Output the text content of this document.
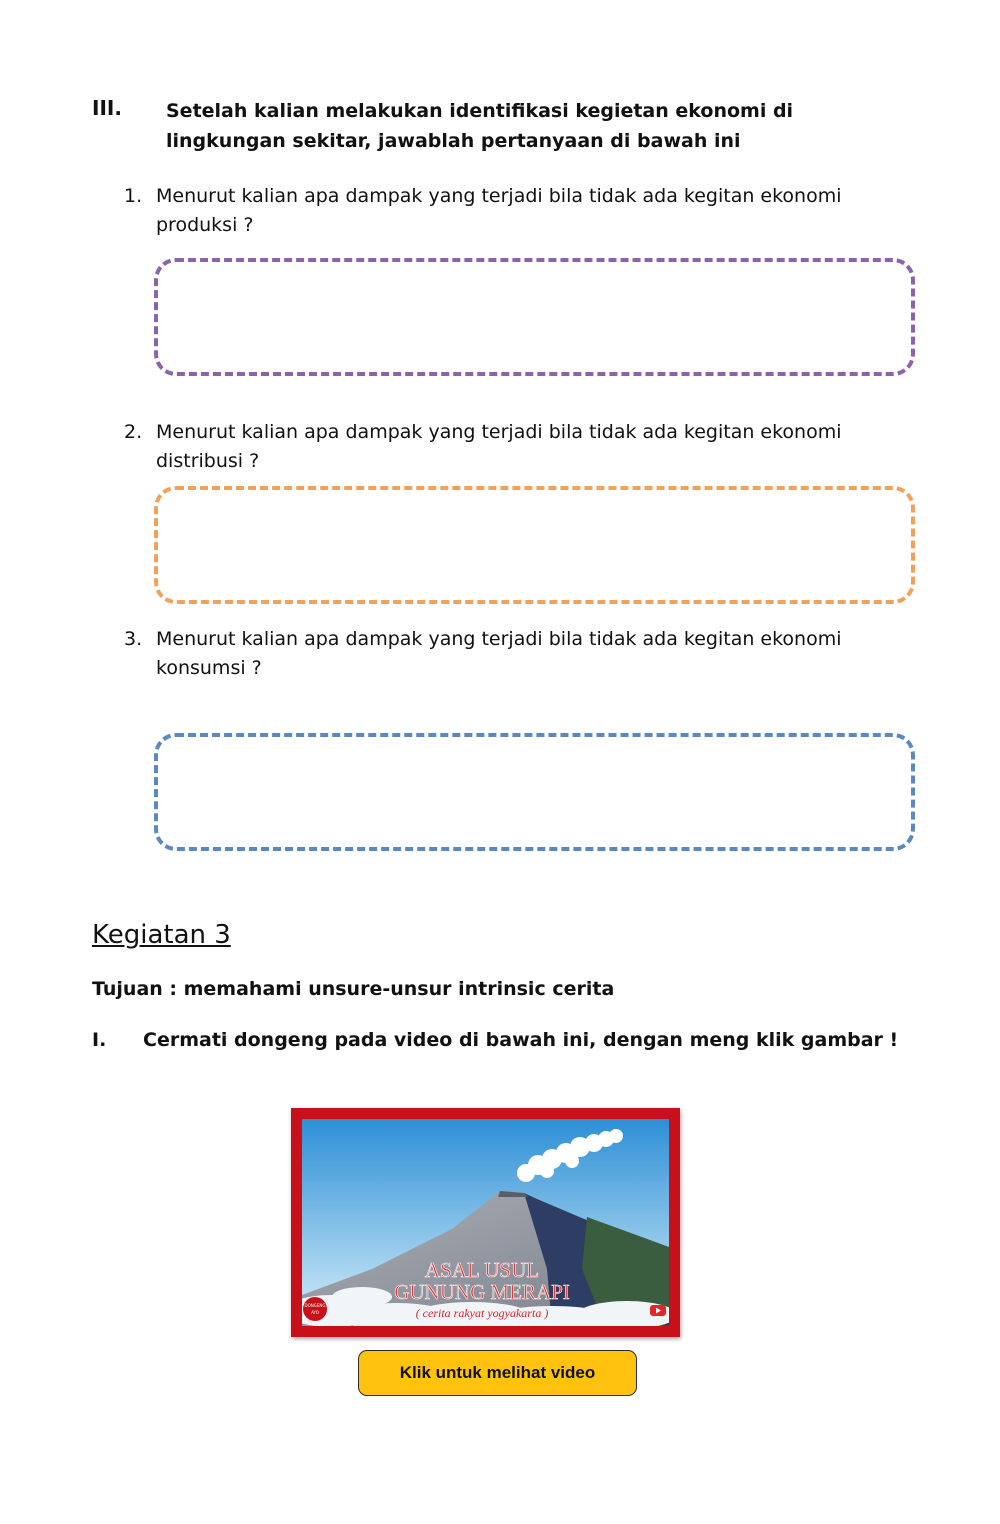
III. Setelah kalian melakukan identifikasi kegietan ekonomi di lingkungan sekitar, jawablah pertanyaan di bawah ini
1. Menurut kalian apa dampak yang terjadi bila tidak ada kegitan ekonomi produksi ?
2. Menurut kalian apa dampak yang terjadi bila tidak ada kegitan ekonomi distribusi ?
3. Menurut kalian apa dampak yang terjadi bila tidak ada kegitan ekonomi konsumsi ?
Kegiatan 3
Tujuan : memahami unsure-unsur intrinsic cerita
I. Cermati dongeng pada video di bawah ini, dengan meng klik gambar !
ASAL USUL
GUNUNG MERAPI
( cerita rakyat yogyakarta )
DONGENG
AYO
Klik untuk melihat video
